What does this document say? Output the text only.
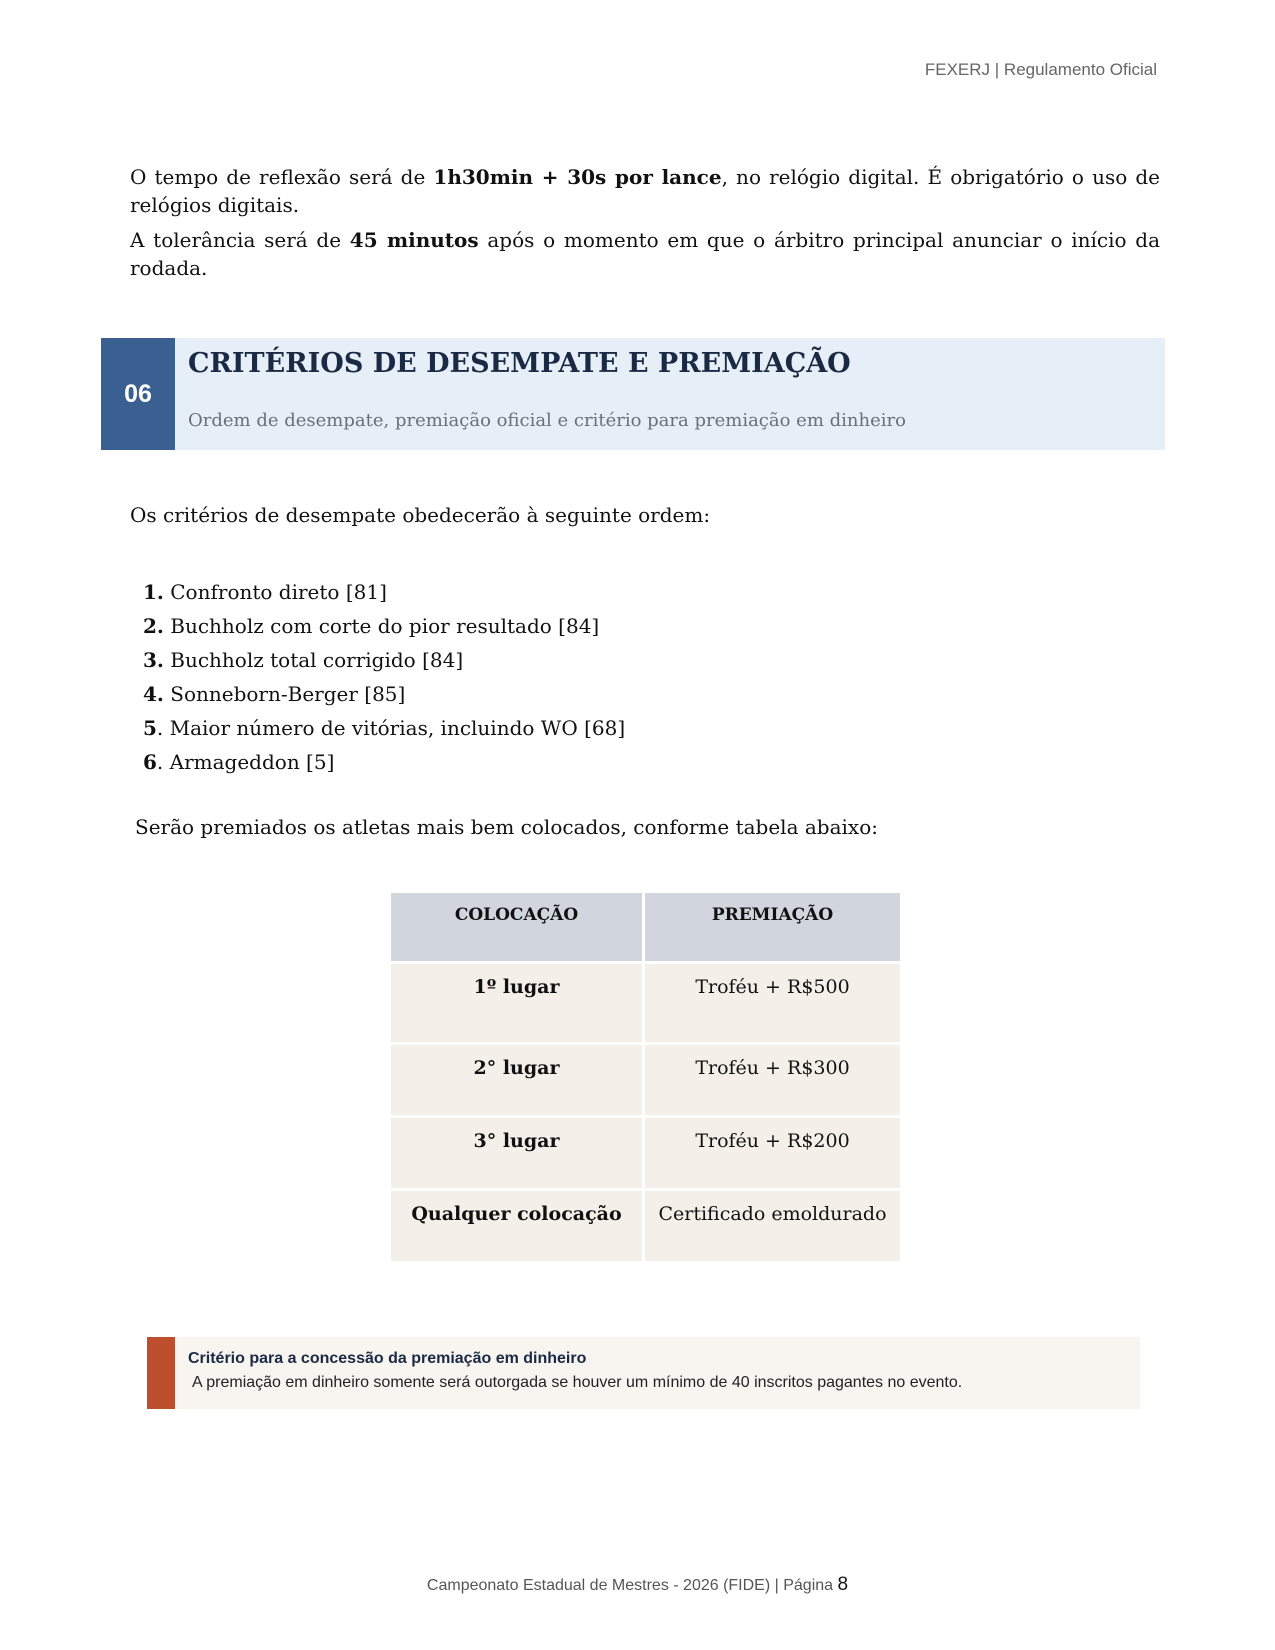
FEXERJ | Regulamento Oficial

O tempo de reflexão será de 1h30min + 30s por lance, no relógio digital. É obrigatório o uso de relógios digitais.

A tolerância será de 45 minutos após o momento em que o árbitro principal anunciar o início da rodada.

06
CRITÉRIOS DE DESEMPATE E PREMIAÇÃO
Ordem de desempate, premiação oficial e critério para premiação em dinheiro
Os critérios de desempate obedecerão à seguinte ordem:
1. Confronto direto [81]
2. Buchholz com corte do pior resultado [84]
3. Buchholz total corrigido [84]
4. Sonneborn-Berger [85]
5. Maior número de vitórias, incluindo WO [68]
6. Armageddon [5]
Serão premiados os atletas mais bem colocados, conforme tabela abaixo:
COLOCAÇÃO	PREMIAÇÃO
1º lugar	Troféu + R$500
2° lugar	Troféu + R$300
3° lugar	Troféu + R$200
Qualquer colocação	Certificado emoldurado
Critério para a concessão da premiação em dinheiro
A premiação em dinheiro somente será outorgada se houver um mínimo de 40 inscritos pagantes no evento.
Campeonato Estadual de Mestres - 2026 (FIDE) | Página 8
